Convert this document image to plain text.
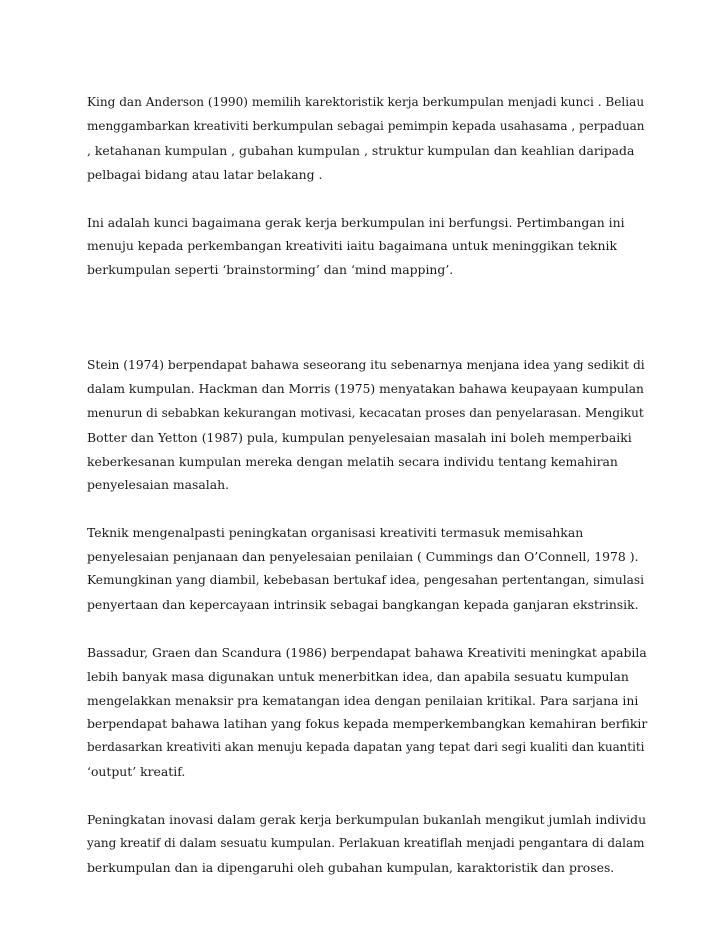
King dan Anderson (1990) memilih karektoristik kerja berkumpulan menjadi kunci . Beliau
menggambarkan kreativiti berkumpulan sebagai pemimpin kepada usahasama , perpaduan
, ketahanan kumpulan , gubahan kumpulan , struktur kumpulan dan keahlian daripada
pelbagai bidang atau latar belakang .

Ini adalah kunci bagaimana gerak kerja berkumpulan ini berfungsi. Pertimbangan ini
menuju kepada perkembangan kreativiti iaitu bagaimana untuk meninggikan teknik
berkumpulan seperti ‘brainstorming’ dan ‘mind mapping’.

Stein (1974) berpendapat bahawa seseorang itu sebenarnya menjana idea yang sedikit di
dalam kumpulan. Hackman dan Morris (1975) menyatakan bahawa keupayaan kumpulan
menurun di sebabkan kekurangan motivasi, kecacatan proses dan penyelarasan. Mengikut
Botter dan Yetton (1987) pula, kumpulan penyelesaian masalah ini boleh memperbaiki
keberkesanan kumpulan mereka dengan melatih secara individu tentang kemahiran
penyelesaian masalah.

Teknik mengenalpasti peningkatan organisasi kreativiti termasuk memisahkan
penyelesaian penjanaan dan penyelesaian penilaian ( Cummings dan O’Connell, 1978 ).
Kemungkinan yang diambil, kebebasan bertukaf idea, pengesahan pertentangan, simulasi
penyertaan dan kepercayaan intrinsik sebagai bangkangan kepada ganjaran ekstrinsik.

Bassadur, Graen dan Scandura (1986) berpendapat bahawa Kreativiti meningkat apabila
lebih banyak masa digunakan untuk menerbitkan idea, dan apabila sesuatu kumpulan
mengelakkan menaksir pra kematangan idea dengan penilaian kritikal. Para sarjana ini
berpendapat bahawa latihan yang fokus kepada memperkembangkan kemahiran berfikir
berdasarkan kreativiti akan menuju kepada dapatan yang tepat dari segi kualiti dan kuantiti
‘output’ kreatif.

Peningkatan inovasi dalam gerak kerja berkumpulan bukanlah mengikut jumlah individu
yang kreatif di dalam sesuatu kumpulan. Perlakuan kreatiflah menjadi pengantara di dalam
berkumpulan dan ia dipengaruhi oleh gubahan kumpulan, karaktoristik dan proses.
